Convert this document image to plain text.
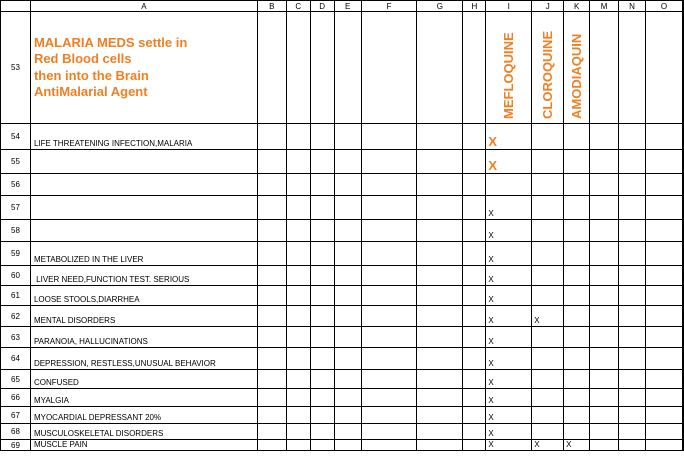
	A	B	C	D	E	F	G	H	I	J	K	M	N	O	
53	MALARIA MEDS settle in
Red Blood cells
then into the Brain
AntiMalarial Agent								MEFLOQUINE	CLOROQUINE	AMODIAQUIN				

54	LIFE THREATENING INFECTION,MALARIA								X						
55									X						
56															
57									X						
58									X						
59	METABOLIZED IN THE LIVER								X						
60	LIVER NEED,FUNCTION TEST. SERIOUS								X						
61	LOOSE STOOLS,DIARRHEA								X						
62	MENTAL DISORDERS								X	X					
63	PARANOIA, HALLUCINATIONS								X						
64	DEPRESSION, RESTLESS,UNUSUAL BEHAVIOR								X						
65	CONFUSED								X						
66	MYALGIA								X						
67	MYOCARDIAL DEPRESSANT 20%								X						
68	MUSCULOSKELETAL DISORDERS								X						
69	MUSCLE PAIN								X	X	X				
